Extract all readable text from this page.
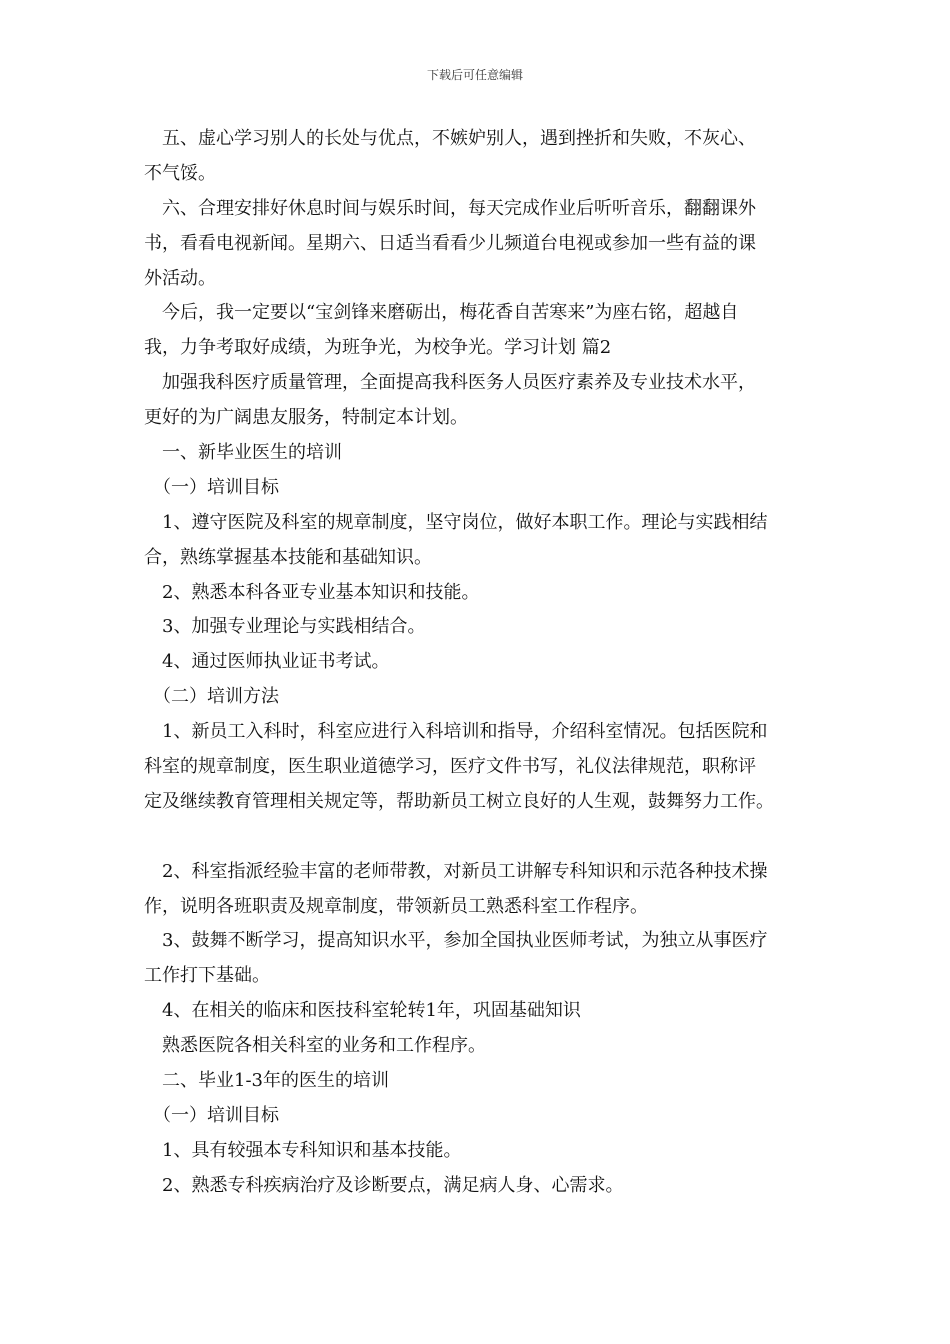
下载后可任意编辑
　五、虚心学习别人的长处与优点，不嫉妒别人，遇到挫折和失败，不灰心、
不气馁。
　六、合理安排好休息时间与娱乐时间，每天完成作业后听听音乐，翻翻课外
书，看看电视新闻。星期六、日适当看看少儿频道台电视或参加一些有益的课
外活动。
　今后，我一定要以“宝剑锋来磨砺出，梅花香自苦寒来”为座右铭，超越自
我，力争考取好成绩，为班争光，为校争光。学习计划 篇2
　加强我科医疗质量管理，全面提高我科医务人员医疗素养及专业技术水平，
更好的为广阔患友服务，特制定本计划。
　一、新毕业医生的培训
　（一）培训目标
　1、遵守医院及科室的规章制度，坚守岗位，做好本职工作。理论与实践相结
合，熟练掌握基本技能和基础知识。
　2、熟悉本科各亚专业基本知识和技能。
　3、加强专业理论与实践相结合。
　4、通过医师执业证书考试。
　（二）培训方法
　1、新员工入科时，科室应进行入科培训和指导，介绍科室情况。包括医院和
科室的规章制度，医生职业道德学习，医疗文件书写，礼仪法律规范，职称评
定及继续教育管理相关规定等，帮助新员工树立良好的人生观，鼓舞努力工作。
　2、科室指派经验丰富的老师带教，对新员工讲解专科知识和示范各种技术操
作，说明各班职责及规章制度，带领新员工熟悉科室工作程序。
　3、鼓舞不断学习，提高知识水平，参加全国执业医师考试，为独立从事医疗
工作打下基础。
　4、在相关的临床和医技科室轮转1年，巩固基础知识
　熟悉医院各相关科室的业务和工作程序。
　二、毕业1-3年的医生的培训
　（一）培训目标
　1、具有较强本专科知识和基本技能。
　2、熟悉专科疾病治疗及诊断要点，满足病人身、心需求。
